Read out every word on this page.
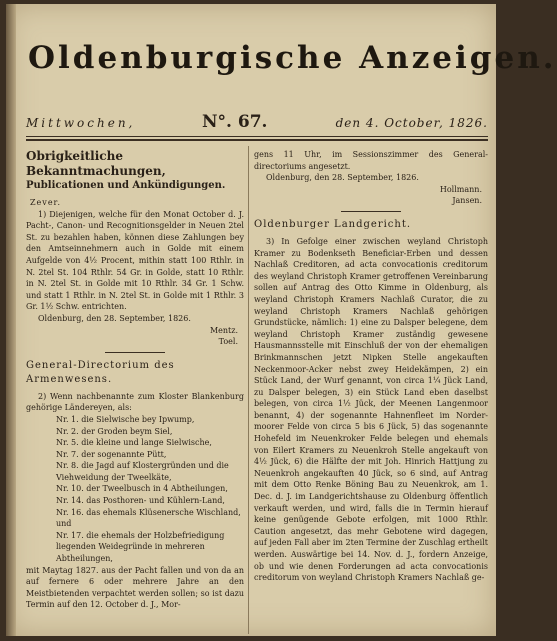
Oldenburgische Anzeigen.
Mittwochen,	N°. 67.	den 4. October, 1826.

Obrigkeitliche Bekanntmachungen,

Publicationen und Ankündigungen.

Zever.

1) Diejenigen, welche für den Monat October d. J. Pacht-, Canon- und Recognitionsgelder in Neuen 2tel St. zu bezahlen haben, können diese Zahlungen bey den Amtseinnehmern auch in Golde mit einem Aufgelde von 4½ Procent, mithin statt 100 Rthlr. in N. 2tel St. 104 Rthlr. 54 Gr. in Golde, statt 10 Rthlr. in N. 2tel St. in Golde mit 10 Rthlr. 34 Gr. 1 Schw. und statt 1 Rthlr. in N. 2tel St. in Golde mit 1 Rthlr. 3 Gr. 1½ Schw. entrichten.

Oldenburg, den 28. September, 1826.

Mentz.

Toel.

General-Directorium des Armenwesens.

2) Wenn nachbenannte zum Kloster Blankenburg gehörige Ländereyen, als:

Nr. 1. die Sielwische bey Ipwump,

Nr. 2. der Groden beym Siel,

Nr. 5. die kleine und lange Sielwische,

Nr. 7. der sogenannte Pütt,

Nr. 8. die Jagd auf Klostergründen und die Viehweidung der Tweelkäte,

Nr. 10. der Tweelbusch in 4 Abtheilungen,

Nr. 14. das Posthoren- und Kühlern-Land,

Nr. 16. das ehemals Klüsenersche Wischland, und

Nr. 17. die ehemals der Holzbefriedigung liegenden Weidegründe in mehreren Abtheilungen,

mit Maytag 1827. aus der Pacht fallen und von da an auf fernere 6 oder mehrere Jahre an den Meistbietenden verpachtet werden sollen; so ist dazu Termin auf den 12. October d. J., Mor-

gens 11 Uhr, im Sessionszimmer des General-directoriums angesetzt.

Oldenburg, den 28. September, 1826.

Hollmann.

Jansen.

Oldenburger Landgericht.

3) In Gefolge einer zwischen weyland Christoph Kramer zu Bodenkseth Beneficiar-Erben und dessen Nachlaß Creditoren, ad acta convocationis creditorum des weyland Christoph Kramer getroffenen Vereinbarung sollen auf Antrag des Otto Kimme in Oldenburg, als weyland Christoph Kramers Nachlaß Curator, die zu weyland Christoph Kramers Nachlaß gehörigen Grundstücke, nämlich: 1) eine zu Dalsper belegene, dem weyland Christoph Kramer zuständig gewesene Hausmannsstelle mit Einschluß der von der ehemaligen Brinkmannschen jetzt Nipken Stelle angekauften Neckenmoor-Acker nebst zwey Heidekämpen, 2) ein Stück Land, der Wurf genannt, von circa 1¼ Jück Land, zu Dalsper belegen, 3) ein Stück Land eben daselbst belegen, von circa 1½ Jück, der Meenen Langenmoor benannt, 4) der sogenannte Hahnenfleet im Norder-moorer Felde von circa 5 bis 6 Jück, 5) das sogenannte Hohefeld im Neuenkroker Felde belegen und ehemals von Eilert Kramers zu Neuenkroh Stelle angekauft von 4½ Jück, 6) die Hälfte der mit Joh. Hinrich Hattjung zu Neuenkroh angekauften 40 Jück, so 6 sind, auf Antrag mit dem Otto Renke Böning Bau zu Neuenkrok, am 1. Dec. d. J. im Landgerichtshause zu Oldenburg öffentlich verkauft werden, und wird, falls die in Termin hierauf keine genügende Gebote erfolgen, mit 1000 Rthlr. Caution angesetzt, das mehr Gebotene wird dagegen, auf jeden Fall aber im 2ten Termine der Zuschlag ertheilt werden. Auswärtige bei 14. Nov. d. J., fordern Anzeige, ob und wie denen Forderungen ad acta convocationis creditorum von weyland Christoph Kramers Nachlaß ge-
